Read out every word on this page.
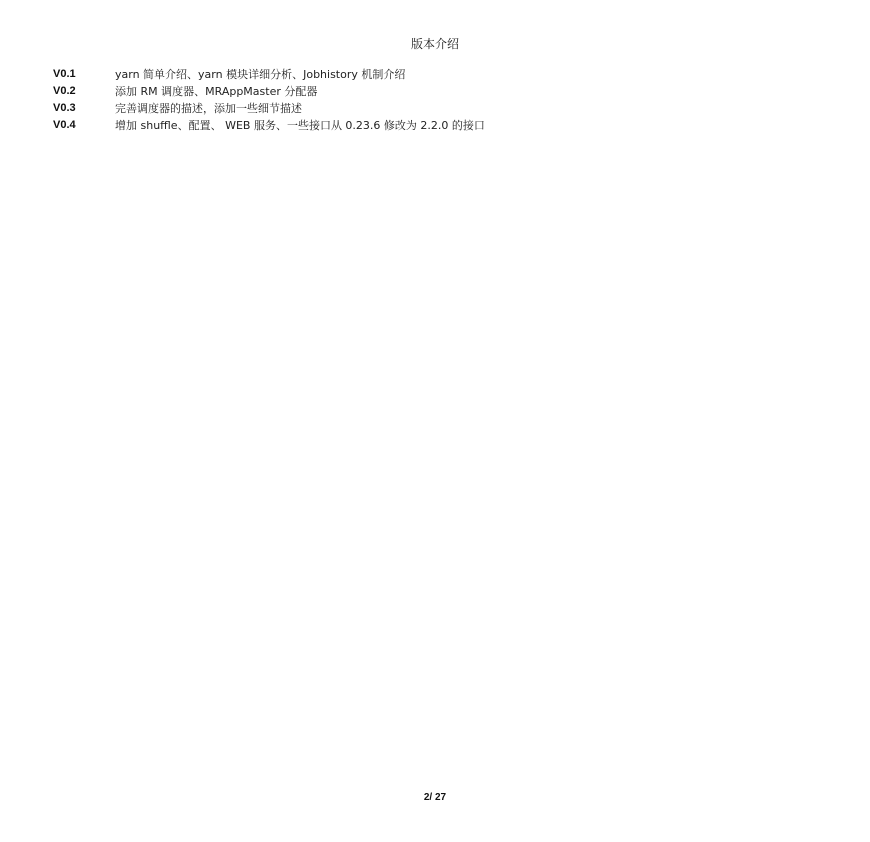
版本介绍
V0.1	yarn 简单介绍、yarn 模块详细分析、Jobhistory 机制介绍
V0.2	添加 RM 调度器、MRAppMaster 分配器
V0.3	完善调度器的描述，添加一些细节描述
V0.4	增加 shuffle、配置、 WEB 服务、一些接口从 0.23.6 修改为 2.2.0 的接口
2/ 27
